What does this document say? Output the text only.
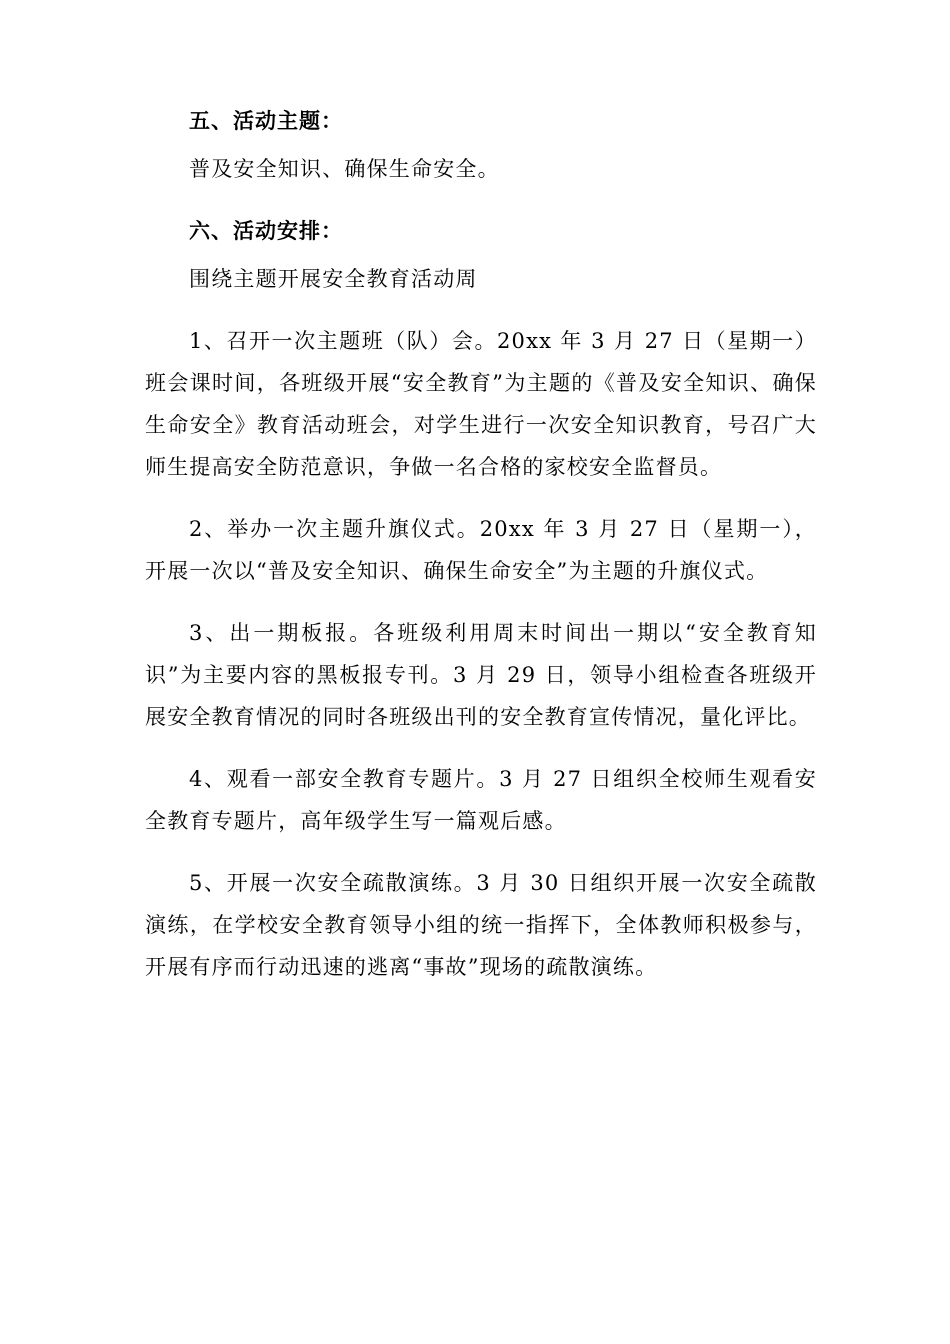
五、活动主题：

普及安全知识、确保生命安全。

六、活动安排：

围绕主题开展安全教育活动周

1、召开一次主题班（队）会。20xx 年 3 月 27 日（星期一）班会课时间，各班级开展“安全教育”为主题的《普及安全知识、确保生命安全》教育活动班会，对学生进行一次安全知识教育，号召广大师生提高安全防范意识，争做一名合格的家校安全监督员。

2、举办一次主题升旗仪式。20xx 年 3 月 27 日（星期一），开展一次以“普及安全知识、确保生命安全”为主题的升旗仪式。

3、出一期板报。各班级利用周末时间出一期以“安全教育知识”为主要内容的黑板报专刊。3 月 29 日，领导小组检查各班级开展安全教育情况的同时各班级出刊的安全教育宣传情况，量化评比。

4、观看一部安全教育专题片。3 月 27 日组织全校师生观看安全教育专题片，高年级学生写一篇观后感。

5、开展一次安全疏散演练。3 月 30 日组织开展一次安全疏散演练，在学校安全教育领导小组的统一指挥下，全体教师积极参与，开展有序而行动迅速的逃离“事故”现场的疏散演练。
